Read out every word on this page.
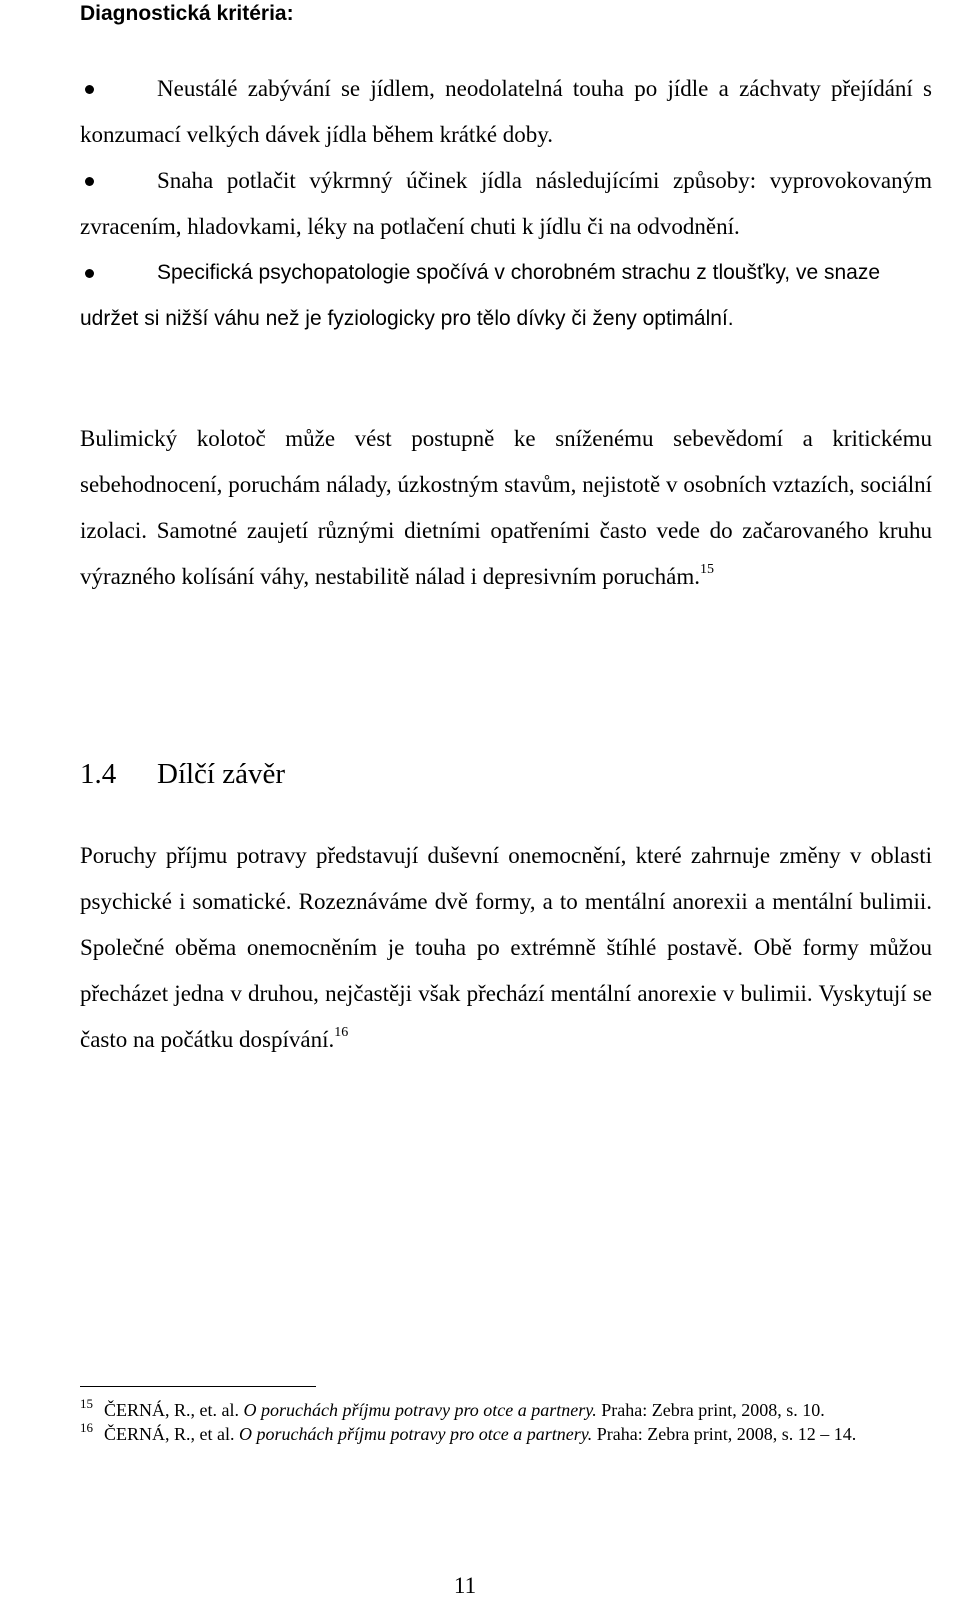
Diagnostická kritéria:
Neustálé zabývání se jídlem, neodolatelná touha po jídle a záchvaty přejídání s konzumací velkých dávek jídla během krátké doby.
Snaha potlačit výkrmný účinek jídla následujícími způsoby: vyprovokovaným zvracením, hladovkami, léky na potlačení chuti k jídlu či na odvodnění.
Specifická psychopatologie spočívá v chorobném strachu z tloušťky, ve snaze udržet si nižší váhu než je fyziologicky pro tělo dívky či ženy optimální.

Bulimický kolotoč může vést postupně ke sníženému sebevědomí a kritickému sebehodnocení, poruchám nálady, úzkostným stavům, nejistotě v osobních vztazích, sociální izolaci. Samotné zaujetí různými dietními opatřeními často vede do začarovaného kruhu výrazného kolísání váhy, nestabilitě nálad i depresivním poruchám.$^{15}$

1.4 Dílčí závěr

Poruchy příjmu potravy představují duševní onemocnění, které zahrnuje změny v oblasti psychické i somatické. Rozeznáváme dvě formy, a to mentální anorexii a mentální bulimii. Společné oběma onemocněním je touha po extrémně štíhlé postavě. Obě formy můžou přecházet jedna v druhou, nejčastěji však přechází mentální anorexie v bulimii. Vyskytují se často na počátku dospívání.$^{16}$

15 ČERNÁ, R., et. al. O poruchách příjmu potravy pro otce a partnery. Praha: Zebra print, 2008, s. 10.
16 ČERNÁ, R., et al. O poruchách příjmu potravy pro otce a partnery. Praha: Zebra print, 2008, s. 12 – 14.
11
